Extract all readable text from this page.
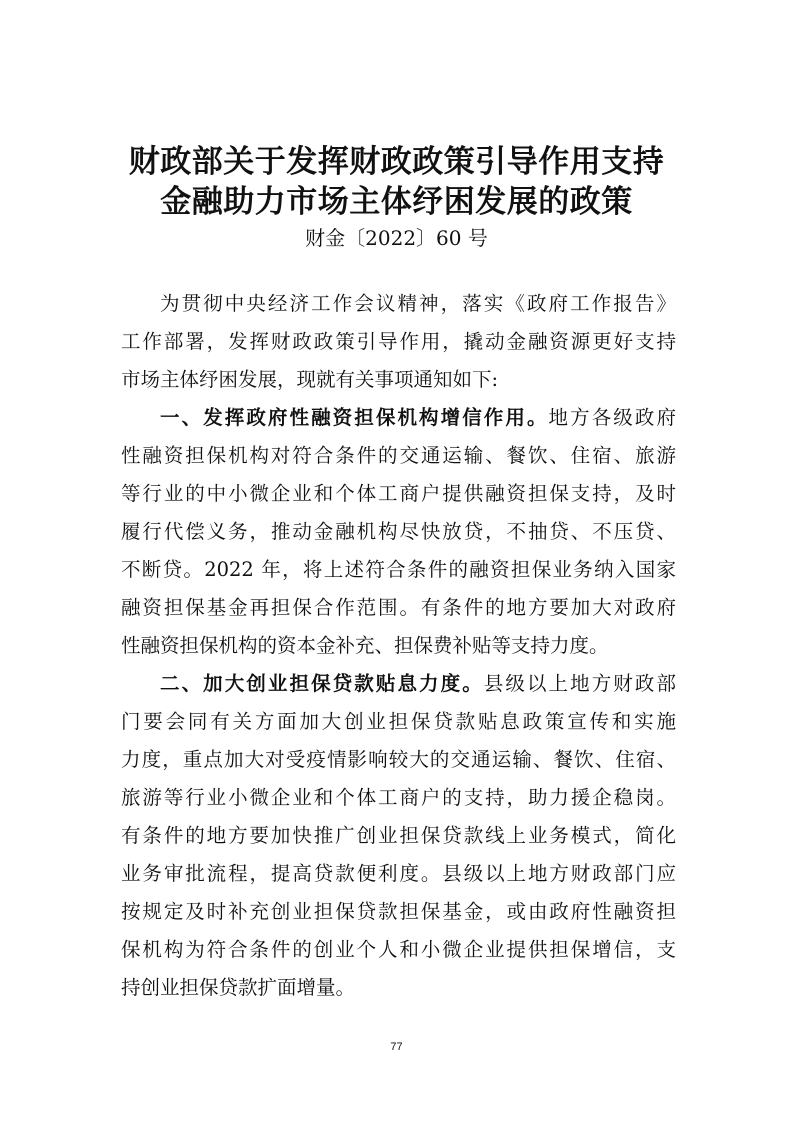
财政部关于发挥财政政策引导作用支持
金融助力市场主体纾困发展的政策
财金〔2022〕60 号
为贯彻中央经济工作会议精神，落实《政府工作报告》
工作部署，发挥财政政策引导作用，撬动金融资源更好支持
市场主体纾困发展，现就有关事项通知如下:
一、发挥政府性融资担保机构增信作用。地方各级政府
性融资担保机构对符合条件的交通运输、餐饮、住宿、旅游
等行业的中小微企业和个体工商户提供融资担保支持，及时
履行代偿义务，推动金融机构尽快放贷，不抽贷、不压贷、
不断贷。2022 年，将上述符合条件的融资担保业务纳入国家
融资担保基金再担保合作范围。有条件的地方要加大对政府
性融资担保机构的资本金补充、担保费补贴等支持力度。
二、加大创业担保贷款贴息力度。县级以上地方财政部
门要会同有关方面加大创业担保贷款贴息政策宣传和实施
力度，重点加大对受疫情影响较大的交通运输、餐饮、住宿、
旅游等行业小微企业和个体工商户的支持，助力援企稳岗。
有条件的地方要加快推广创业担保贷款线上业务模式，简化
业务审批流程，提高贷款便利度。县级以上地方财政部门应
按规定及时补充创业担保贷款担保基金，或由政府性融资担
保机构为符合条件的创业个人和小微企业提供担保增信，支
持创业担保贷款扩面增量。
77
